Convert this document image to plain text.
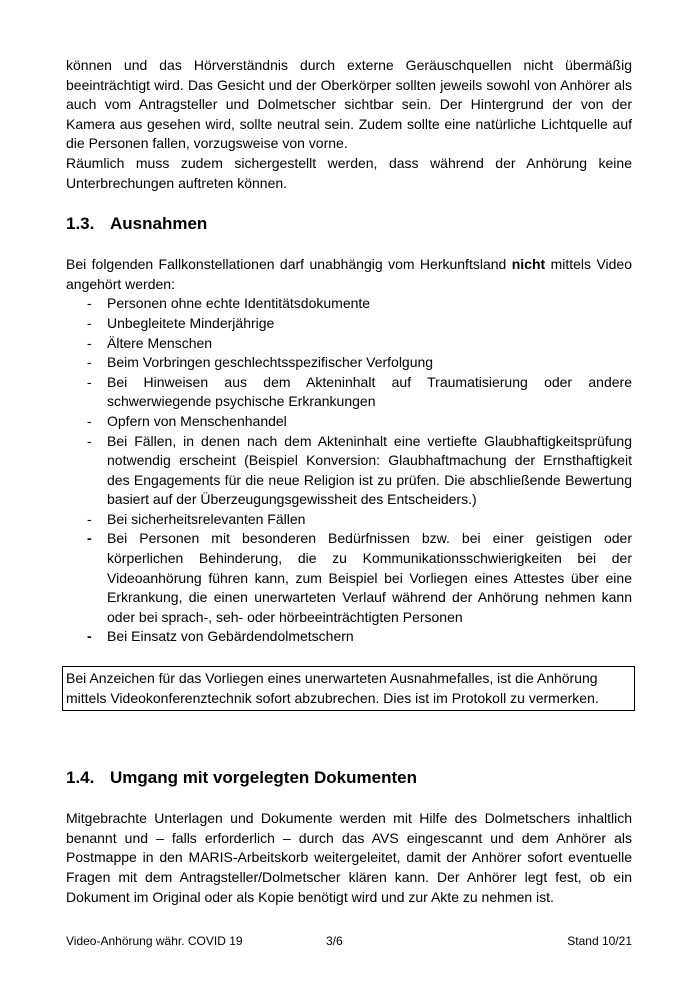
können und das Hörverständnis durch externe Geräuschquellen nicht übermäßig beeinträchtigt wird. Das Gesicht und der Oberkörper sollten jeweils sowohl von Anhörer als auch vom Antragsteller und Dolmetscher sichtbar sein. Der Hintergrund der von der Kamera aus gesehen wird, sollte neutral sein. Zudem sollte eine natürliche Lichtquelle auf die Personen fallen, vorzugsweise von vorne.

Räumlich muss zudem sichergestellt werden, dass während der Anhörung keine Unterbrechungen auftreten können.

1.3. Ausnahmen

Bei folgenden Fallkonstellationen darf unabhängig vom Herkunftsland nicht mittels Video angehört werden:

- Personen ohne echte Identitätsdokumente
- Unbegleitete Minderjährige
- Ältere Menschen
- Beim Vorbringen geschlechtsspezifischer Verfolgung
- Bei Hinweisen aus dem Akteninhalt auf Traumatisierung oder andere schwerwiegende psychische Erkrankungen
- Opfern von Menschenhandel
- Bei Fällen, in denen nach dem Akteninhalt eine vertiefte Glaubhaftigkeitsprüfung notwendig erscheint (Beispiel Konversion: Glaubhaftmachung der Ernsthaftigkeit des Engagements für die neue Religion ist zu prüfen. Die abschließende Bewertung basiert auf der Überzeugungsgewissheit des Entscheiders.)
- Bei sicherheitsrelevanten Fällen
- Bei Personen mit besonderen Bedürfnissen bzw. bei einer geistigen oder körperlichen Behinderung, die zu Kommunikationsschwierigkeiten bei der Videoanhörung führen kann, zum Beispiel bei Vorliegen eines Attestes über eine Erkrankung, die einen unerwarteten Verlauf während der Anhörung nehmen kann oder bei sprach-, seh- oder hörbeeinträchtigten Personen
- Bei Einsatz von Gebärdendolmetschern

Bei Anzeichen für das Vorliegen eines unerwarteten Ausnahmefalles, ist die Anhörung mittels Videokonferenztechnik sofort abzubrechen. Dies ist im Protokoll zu vermerken.

1.4. Umgang mit vorgelegten Dokumenten

Mitgebrachte Unterlagen und Dokumente werden mit Hilfe des Dolmetschers inhaltlich benannt und – falls erforderlich – durch das AVS eingescannt und dem Anhörer als Postmappe in den MARIS-Arbeitskorb weitergeleitet, damit der Anhörer sofort eventuelle Fragen mit dem Antragsteller/Dolmetscher klären kann. Der Anhörer legt fest, ob ein Dokument im Original oder als Kopie benötigt wird und zur Akte zu nehmen ist.

Video-Anhörung währ. COVID 19	3/6	Stand 10/21
